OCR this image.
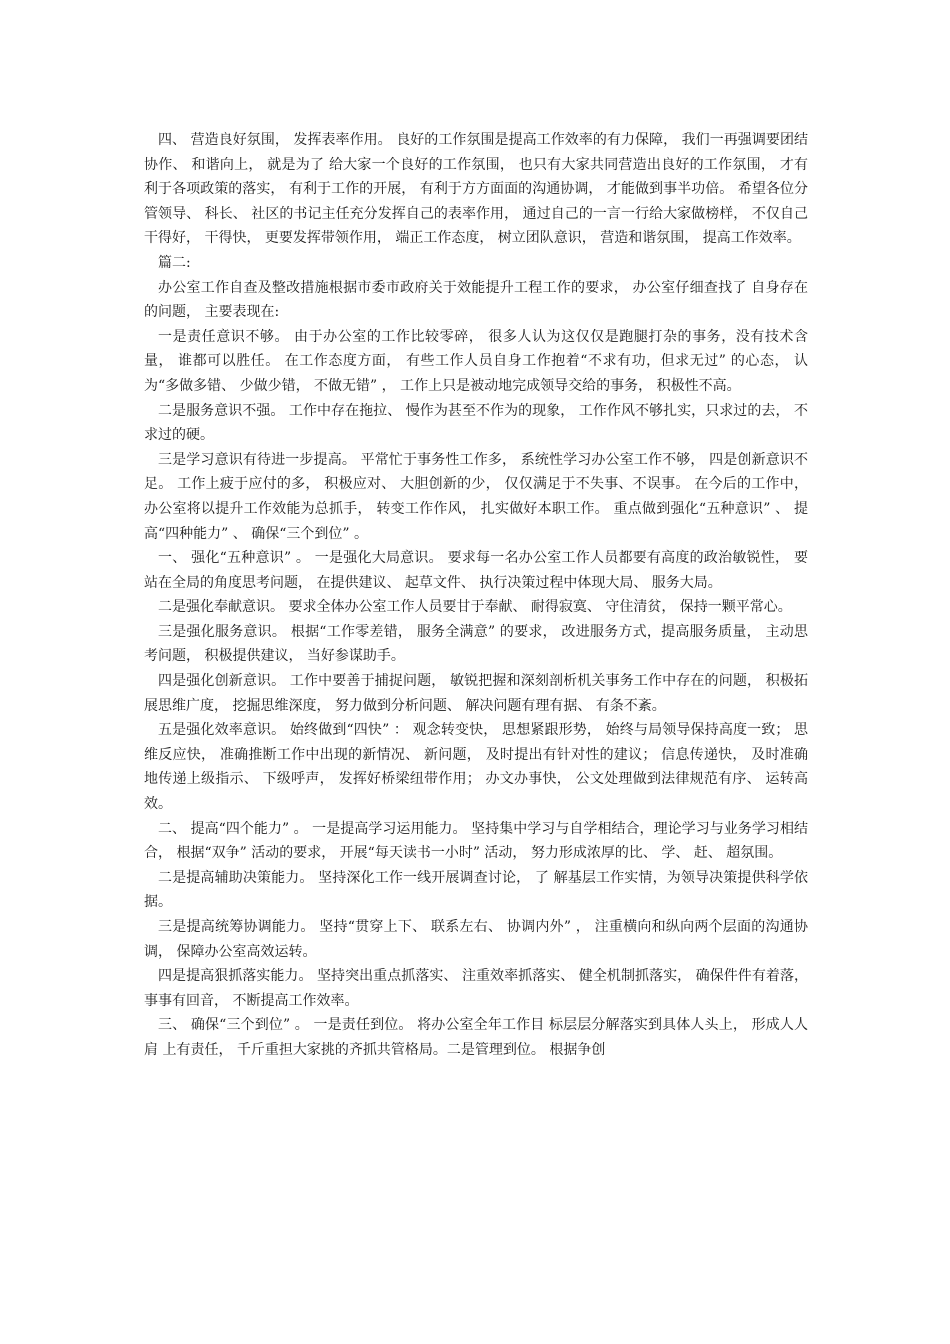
四、 营造良好氛围， 发挥表率作用。 良好的工作氛围是提高工作效率的有力保障， 我们一再强调要团结协作、 和谐向上， 就是为了 给大家一个良好的工作氛围， 也只有大家共同营造出良好的工作氛围， 才有利于各项政策的落实， 有利于工作的开展， 有利于方方面面的沟通协调， 才能做到事半功倍。 希望各位分管领导、 科长、 社区的书记主任充分发挥自己的表率作用， 通过自己的一言一行给大家做榜样， 不仅自己干得好， 干得快， 更要发挥带领作用， 端正工作态度， 树立团队意识， 营造和谐氛围， 提高工作效率。

篇二:

办公室工作自查及整改措施根据市委市政府关于效能提升工程工作的要求， 办公室仔细查找了 自身存在的问题， 主要表现在:

一是责任意识不够。 由于办公室的工作比较零碎， 很多人认为这仅仅是跑腿打杂的事务，没有技术含量， 谁都可以胜任。 在工作态度方面， 有些工作人员自身工作抱着“不求有功，但求无过” 的心态， 认为“多做多错、 少做少错， 不做无错” ， 工作上只是被动地完成领导交给的事务， 积极性不高。

二是服务意识不强。 工作中存在拖拉、 慢作为甚至不作为的现象， 工作作风不够扎实，只求过的去， 不求过的硬。

三是学习意识有待进一步提高。 平常忙于事务性工作多， 系统性学习办公室工作不够， 四是创新意识不足。 工作上疲于应付的多， 积极应对、 大胆创新的少， 仅仅满足于不失事、不误事。 在今后的工作中， 办公室将以提升工作效能为总抓手， 转变工作作风， 扎实做好本职工作。 重点做到强化“五种意识” 、 提高“四种能力” 、 确保“三个到位” 。

一、 强化“五种意识” 。 一是强化大局意识。 要求每一名办公室工作人员都要有高度的政治敏锐性， 要站在全局的角度思考问题， 在提供建议、 起草文件、 执行决策过程中体现大局、 服务大局。

二是强化奉献意识。 要求全体办公室工作人员要甘于奉献、 耐得寂寞、 守住清贫， 保持一颗平常心。

三是强化服务意识。 根据“工作零差错， 服务全满意” 的要求， 改进服务方式，提高服务质量， 主动思考问题， 积极提供建议， 当好参谋助手。

四是强化创新意识。 工作中要善于捕捉问题， 敏锐把握和深刻剖析机关事务工作中存在的问题， 积极拓展思维广度， 挖掘思维深度， 努力做到分析问题、 解决问题有理有据、 有条不紊。

五是强化效率意识。 始终做到“四快” ： 观念转变快， 思想紧跟形势， 始终与局领导保持高度一致； 思维反应快， 准确推断工作中出现的新情况、 新问题， 及时提出有针对性的建议； 信息传递快， 及时准确地传递上级指示、 下级呼声， 发挥好桥梁纽带作用； 办文办事快， 公文处理做到法律规范有序、 运转高效。

二、 提高“四个能力” 。 一是提高学习运用能力。 坚持集中学习与自学相结合，理论学习与业务学习相结合， 根据“双争” 活动的要求， 开展“每天读书一小时” 活动， 努力形成浓厚的比、 学、 赶、 超氛围。

二是提高辅助决策能力。 坚持深化工作一线开展调查讨论， 了 解基层工作实情，为领导决策提供科学依据。

三是提高统筹协调能力。 坚持“贯穿上下、 联系左右、 协调内外” ， 注重横向和纵向两个层面的沟通协调， 保障办公室高效运转。

四是提高狠抓落实能力。 坚持突出重点抓落实、 注重效率抓落实、 健全机制抓落实， 确保件件有着落， 事事有回音， 不断提高工作效率。

三、 确保“三个到位” 。 一是责任到位。 将办公室全年工作目 标层层分解落实到具体人头上， 形成人人肩 上有责任， 千斤重担大家挑的齐抓共管格局。二是管理到位。 根据争创
